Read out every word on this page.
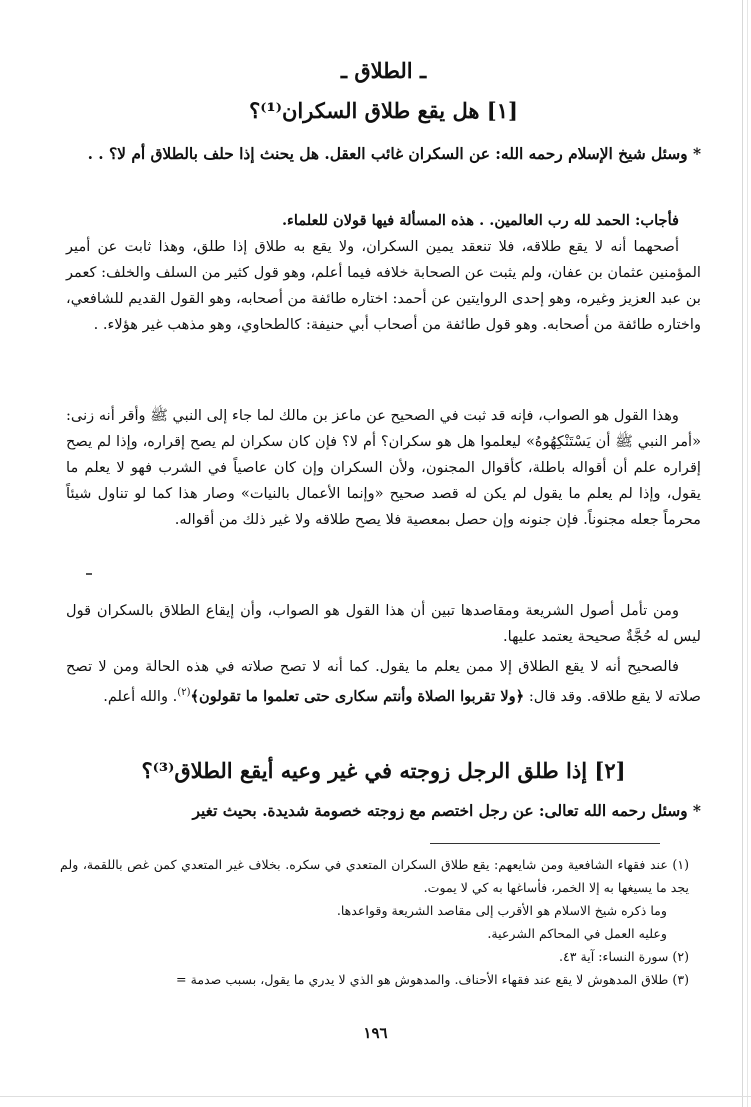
ـ الطلاق ـ
[١] هل يقع طلاق السكران⁽¹⁾؟
* وسئل شيخ الإسلام رحمه الله: عن السكران غائب العقل. هل يحنث إذا حلف بالطلاق أم لا؟ . .
فأجاب: الحمد لله رب العالمين. . هذه المسألة فيها قولان للعلماء.
أصحهما أنه لا يقع طلاقه، فلا تنعقد يمين السكران، ولا يقع به طلاق إذا طلق، وهذا ثابت عن أمير المؤمنين عثمان بن عفان، ولم يثبت عن الصحابة خلافه فيما أعلم، وهو قول كثير من السلف والخلف: كعمر بن عبد العزيز وغيره، وهو إحدى الروايتين عن أحمد: اختاره طائفة من أصحابه، وهو القول القديم للشافعي، واختاره طائفة من أصحابه. وهو قول طائفة من أصحاب أبي حنيفة: كالطحاوي، وهو مذهب غير هؤلاء. .
وهذا القول هو الصواب، فإنه قد ثبت في الصحيح عن ماعز بن مالك لما جاء إلى النبي ﷺ وأقر أنه زنى: «أمر النبي ﷺ أن يَسْتَنْكِهُوهُ» ليعلموا هل هو سكران؟ أم لا؟ فإن كان سكران لم يصح إقراره، وإذا لم يصح إقراره علم أن أقواله باطلة، كأقوال المجنون، ولأن السكران وإن كان عاصياً في الشرب فهو لا يعلم ما يقول، وإذا لم يعلم ما يقول لم يكن له قصد صحيح «وإنما الأعمال بالنيات» وصار هذا كما لو تناول شيئاً محرماً جعله مجنوناً. فإن جنونه وإن حصل بمعصية فلا يصح طلاقه ولا غير ذلك من أقواله.
ومن تأمل أصول الشريعة ومقاصدها تبين أن هذا القول هو الصواب، وأن إيقاع الطلاق بالسكران قول ليس له حُجَّةٌ صحيحة يعتمد عليها.
فالصحيح أنه لا يقع الطلاق إلا ممن يعلم ما يقول. كما أنه لا تصح صلاته في هذه الحالة ومن لا تصح صلاته لا يقع طلاقه. وقد قال: ﴿ولا تقربوا الصلاة وأنتم سكارى حتى تعلموا ما تقولون﴾$^{(٢)}$. والله أعلم.
[٢] إذا طلق الرجل زوجته في غير وعيه أيقع الطلاق⁽³⁾؟
* وسئل رحمه الله تعالى: عن رجل اختصم مع زوجته خصومة شديدة. بحيث تغير
(١) عند فقهاء الشافعية ومن شايعهم: يقع طلاق السكران المتعدي في سكره. بخلاف غير المتعدي كمن غص باللقمة، ولم يجد ما يسيغها به إلا الخمر، فأساغها به كي لا يموت.
وما ذكره شيخ الاسلام هو الأقرب إلى مقاصد الشريعة وقواعدها.
وعليه العمل في المحاكم الشرعية.
(٢) سورة النساء: آية ٤٣.
(٣) طلاق المدهوش لا يقع عند فقهاء الأحناف. والمدهوش هو الذي لا يدري ما يقول، بسبب صدمة =
١٩٦
